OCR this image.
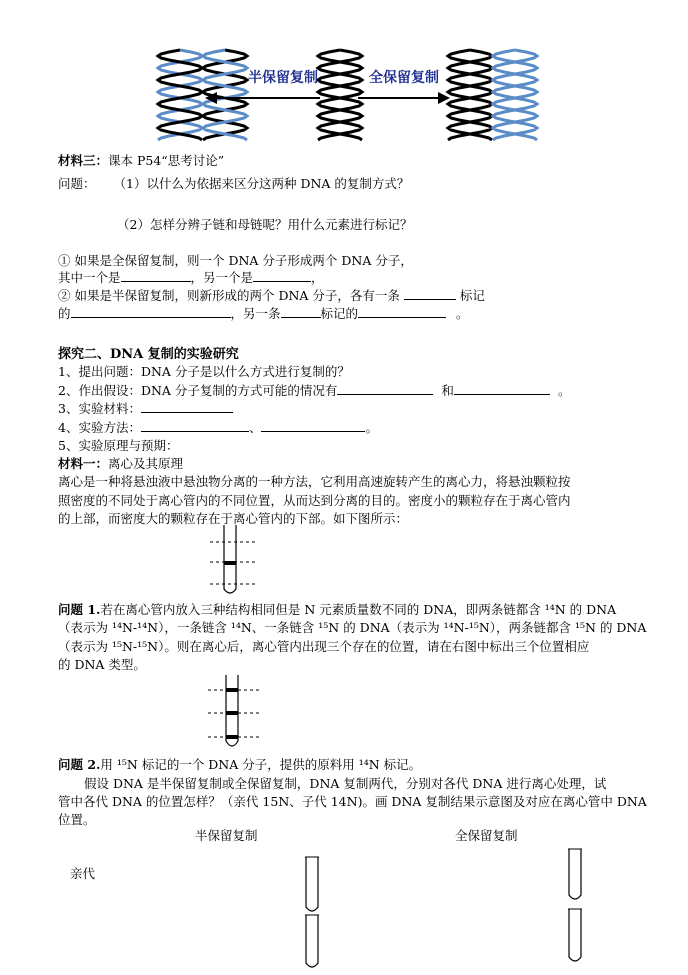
半保留复制	全保留复制
材料三：课本 P54“思考讨论”
问题： （1）以什么为依据来区分这两种 DNA 的复制方式？
（2）怎样分辨子链和母链呢？用什么元素进行标记？
① 如果是全保留复制，则一个 DNA 分子形成两个 DNA 分子，
其中一个是	，另一个是	，
② 如果是半保留复制，则新形成的两个 DNA 分子，各有一条	标记
的	，另一条	标记的	。
探究二、DNA 复制的实验研究
1、提出问题：DNA 分子是以什么方式进行复制的？
2、作出假设：DNA 分子复制的方式可能的情况有	和	。
3、实验材料：
4、实验方法：	、	。
5、实验原理与预期：
材料一：离心及其原理
离心是一种将悬浊液中悬浊物分离的一种方法，它利用高速旋转产生的离心力，将悬浊颗粒按
照密度的不同处于离心管内的不同位置，从而达到分离的目的。密度小的颗粒存在于离心管内
的上部，而密度大的颗粒存在于离心管内的下部。如下图所示：
问题 1.若在离心管内放入三种结构相同但是 N 元素质量数不同的 DNA，即两条链都含 ¹⁴N 的 DNA
（表示为 ¹⁴N-¹⁴N），一条链含 ¹⁴N、一条链含 ¹⁵N 的 DNA（表示为 ¹⁴N-¹⁵N），两条链都含 ¹⁵N 的 DNA
（表示为 ¹⁵N-¹⁵N）。则在离心后，离心管内出现三个存在的位置，请在右图中标出三个位置相应
的 DNA 类型。
问题 2.用 ¹⁵N 标记的一个 DNA 分子，提供的原料用 ¹⁴N 标记。
假设 DNA 是半保留复制或全保留复制，DNA 复制两代，分别对各代 DNA 进行离心处理，试
管中各代 DNA 的位置怎样？（亲代 15N、子代 14N)。画 DNA 复制结果示意图及对应在离心管中 DNA
位置。
半保留复制	全保留复制
亲代
